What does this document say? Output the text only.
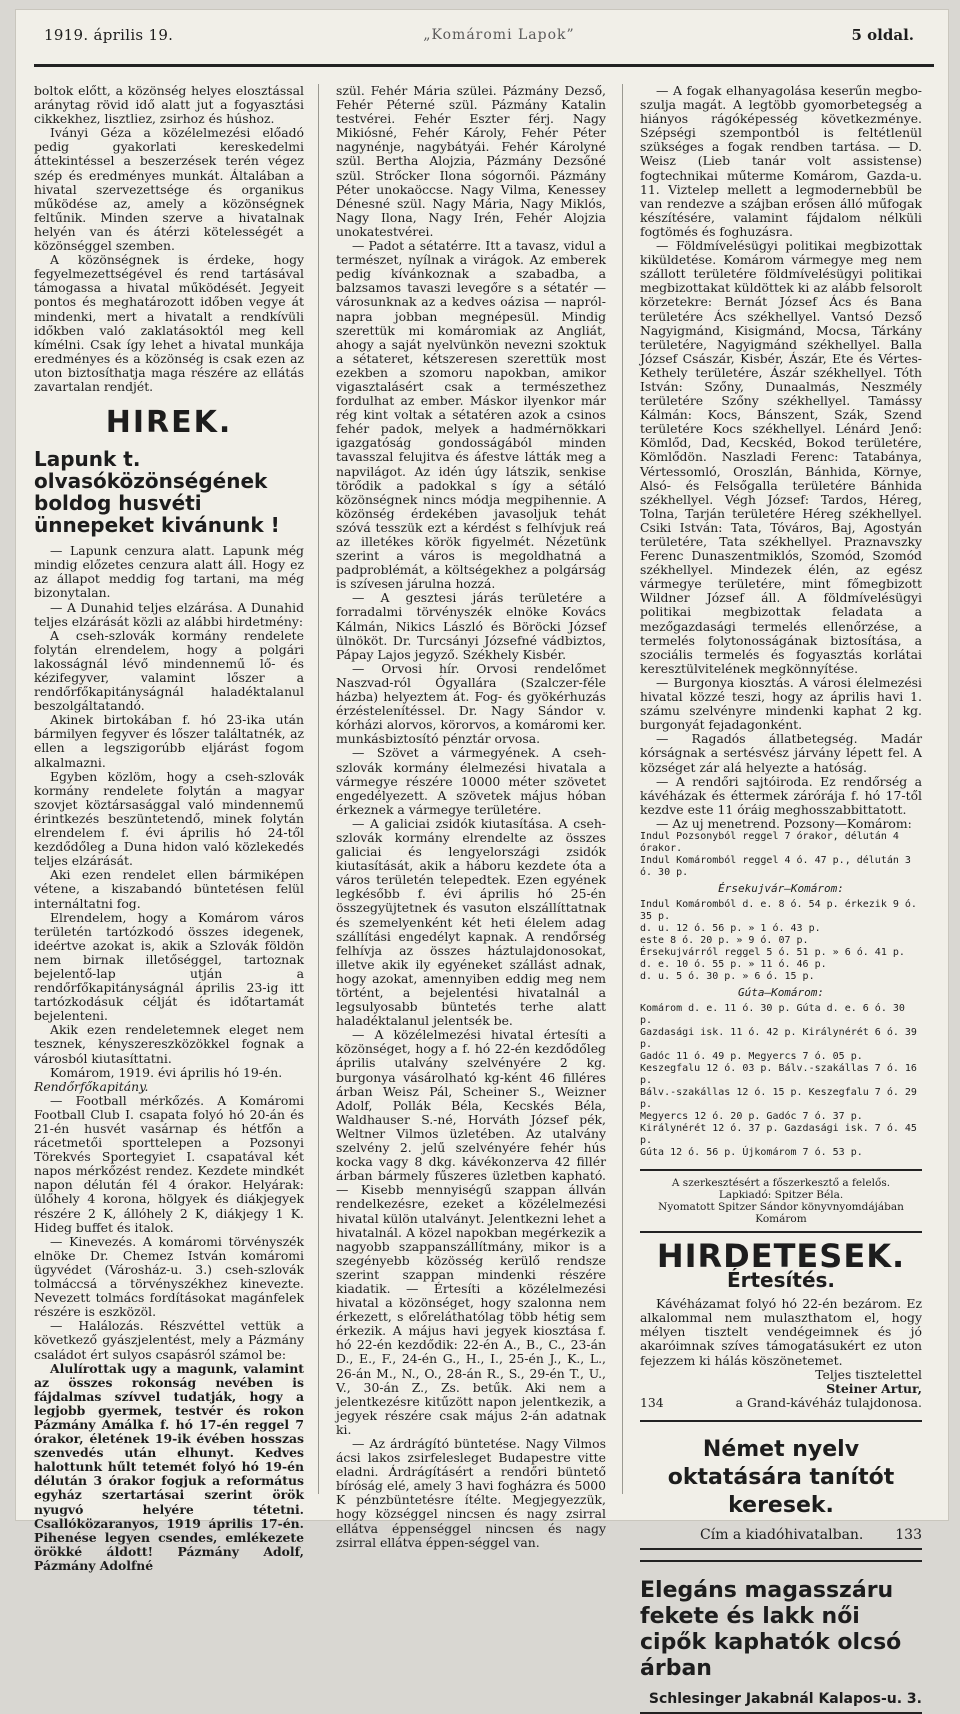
1919. április 19.	„Komáromi Lapok”	5 oldal.

boltok előtt, a közönség helyes elosztással aránytag rövid idő alatt jut a fogyasztási cikkekhez, lisztliez, zsirhoz és húshoz.

Iványi Géza a közélelmezési előadó pedig gyakorlati kereskedelmi áttekintéssel a beszerzések terén végez szép és eredményes munkát. Általában a hivatal szervezettsége és organikus működése az, amely a közönségnek feltűnik. Minden szerve a hivatalnak helyén van és átérzi kötelességét a közönséggel szemben.

A közönségnek is érdeke, hogy fegyelmezettségével és rend tartásával támogassa a hivatal működését. Jegyeit pontos és meghatározott időben vegye át mindenki, mert a hivatalt a rendkívüli időkben való zaklatásoktól meg kell kímélni. Csak így lehet a hivatal munkája eredményes és a közönség is csak ezen az uton biztosíthatja maga részére az ellátás zavartalan rendjét.

HIREK.
Lapunk t. olvasóközönségének boldog husvéti ünnepeket kivánunk !

— Lapunk cenzura alatt. Lapunk még mindig előzetes cenzura alatt áll. Hogy ez az állapot meddig fog tartani, ma még bizonytalan.

— A Dunahid teljes elzárása. A Dunahid teljes elzárását közli az alábbi hirdetmény:

A cseh-szlovák kormány rendelete folytán elrendelem, hogy a polgári lakosságnál lévő mindennemű lő- és kézifegyver, valamint lőszer a rendőrfőkapitányságnál haladéktalanul beszolgáltatandó.

Akinek birtokában f. hó 23-ika után bármilyen fegyver és lőszer találtatnék, az ellen a legszigorúbb eljárást fogom alkalmazni.

Egyben közlöm, hogy a cseh-szlovák kormány rendelete folytán a magyar szovjet köztársasággal való mindennemű érintkezés beszüntetendő, minek folytán elrendelem f. évi április hó 24-től kezdődőleg a Duna hidon való közlekedés teljes elzárását.

Aki ezen rendelet ellen bármiképen vétene, a kiszabandó büntetésen felül internáltatni fog.

Elrendelem, hogy a Komárom város területén tartózkodó összes idegenek, ideértve azokat is, akik a Szlovák földön nem birnak illetőséggel, tartoznak bejelentő-lap utján a rendőrfőkapitányságnál április 23-ig itt tartózkodásuk célját és időtartamát bejelenteni.

Akik ezen rendeletemnek eleget nem tesznek, kényszereszközökkel fognak a városból kiutasíttatni.

Komárom, 1919. évi április hó 19-én.

Rendőrfőkapitány.

— Football mérkőzés. A Komáromi Football Club I. csapata folyó hó 20-án és 21-én husvét vasárnap és hétfőn a rácetmetői sporttelepen a Pozsonyi Törekvés Sportegyiet I. csapatával két napos mérkőzést rendez. Kezdete mindkét napon délután fél 4 órakor. Helyárak: ülőhely 4 korona, hölgyek és diákjegyek részére 2 K, állóhely 2 K, diákjegy 1 K. Hideg buffet és italok.

— Kinevezés. A komáromi törvényszék elnöke Dr. Chemez István komáromi ügyvédet (Városház-u. 3.) cseh-szlovák tolmáccsá a törvényszékhez kinevezte. Nevezett tolmács fordításokat magánfelek részére is eszközöl.

— Halálozás. Részvéttel vettük a következő gyászjelentést, mely a Pázmány családot ért sulyos csapásról számol be:

Alulírottak ugy a magunk, valamint az összes rokonság nevében is fájdalmas szívvel tudatják, hogy a legjobb gyermek, testvér és rokon Pázmány Amálka f. hó 17-én reggel 7 órakor, életének 19-ik évében hosszas szenvedés után elhunyt. Kedves halottunk hűlt tetemét folyó hó 19-én délután 3 órakor fogjuk a református egyház szertartásai szerint örök nyugvó helyére tétetni. Csallóközaranyos, 1919 április 17-én. Pihenése legyen csendes, emlékezete örökké áldott! Pázmány Adolf, Pázmány Adolfné

szül. Fehér Mária szülei. Pázmány Dezső, Fehér Péterné szül. Pázmány Katalin testvérei. Fehér Eszter férj. Nagy Mikiósné, Fehér Károly, Fehér Péter nagynénje, nagybátyái. Fehér Károlyné szül. Bertha Alojzia, Pázmány Dezsőné szül. Strőcker Ilona sógornői. Pázmány Péter unokaöccse. Nagy Vilma, Kenessey Dénesné szül. Nagy Mária, Nagy Miklós, Nagy Ilona, Nagy Irén, Fehér Alojzia unokatestvérei.

— Padot a sétatérre. Itt a tavasz, vidul a természet, nyílnak a virágok. Az emberek pedig kívánkoznak a szabadba, a balzsamos tavaszi levegőre s a sétatér — városunknak az a kedves oázisa — napról-napra jobban megnépesül. Mindig szerettük mi komáromiak az Angliát, ahogy a saját nyelvünkön nevezni szoktuk a sétateret, kétszeresen szerettük most ezekben a szomoru napokban, amikor vigasztalásért csak a természethez fordulhat az ember. Máskor ilyenkor már rég kint voltak a sétatéren azok a csinos fehér padok, melyek a hadmérnökkari igazgatóság gondosságából minden tavasszal felujitva és áfestve látták meg a napvilágot. Az idén úgy látszik, senkise törődik a padokkal s így a sétáló közönségnek nincs módja megpihennie. A közönség érdekében javasoljuk tehát szóvá tesszük ezt a kérdést s felhívjuk reá az illetékes körök figyelmét. Nézetünk szerint a város is megoldhatná a padproblémát, a költségekhez a polgárság is szívesen járulna hozzá.

— A gesztesi járás területére a forradalmi törvényszék elnöke Kovács Kálmán, Nikics László és Böröcki József ülnököt. Dr. Turcsányi Józsefné vádbiztos, Pápay Lajos jegyző. Székhely Kisbér.

— Orvosi hír. Orvosi rendelőmet Naszvad-ról Ógyallára (Szalczer-féle házba) helyeztem át. Fog- és gyökérhuzás érzéstelenítéssel. Dr. Nagy Sándor v. kórházi alorvos, körorvos, a komáromi ker. munkásbiztosító pénztár orvosa.

— Szövet a vármegyének. A cseh-szlovák kormány élelmezési hivatala a vármegye részére 10000 méter szövetet engedélyezett. A szövetek május hóban érkeznek a vármegye területére.

— A galiciai zsidók kiutasítása. A cseh-szlovák kormány elrendelte az összes galiciai és lengyelországi zsidók kiutasítását, akik a háboru kezdete óta a város területén telepedtek. Ezen egyének legkésőbb f. évi április hó 25-én összegyüjtetnek és vasuton elszállíttatnak és szemelyenként két heti élelem adag szállítási engedélyt kapnak. A rendőrség felhívja az összes háztulajdonosokat, illetve akik ily egyéneket szállást adnak, hogy azokat, amennyiben eddig meg nem történt, a bejelentési hivatalnál a legsulyosabb büntetés terhe alatt haladéktalanul jelentsék be.

— A közélelmezési hivatal értesíti a közönséget, hogy a f. hó 22-én kezdődőleg április utalvány szelvényére 2 kg. burgonya vásárolható kg-ként 46 filléres árban Weisz Pál, Scheiner S., Weizner Adolf, Pollák Béla, Kecskés Béla, Waldhauser S.-né, Horváth József pék, Weltner Vilmos üzletében. Az utalvány szelvény 2. jelű szelvényére fehér hús kocka vagy 8 dkg. kávékonzerva 42 fillér árban bármely fűszeres üzletben kapható. — Kisebb mennyiségű szappan állván rendelkezésre, ezeket a közélelmezési hivatal külön utalványt. Jelentkezni lehet a hivatalnál. A közel napokban megérkezik a nagyobb szappanszállítmány, mikor is a szegényebb közösség kerülő rendsze szerint szappan mindenki részére kiadatik. — Értesíti a közélelmezési hivatal a közönséget, hogy szalonna nem érkezett, s előreláthatólag több hétig sem érkezik. A május havi jegyek kiosztása f. hó 22-én kezdődik: 22-én A., B., C., 23-án D., E., F., 24-én G., H., I., 25-én J., K., L., 26-án M., N., O., 28-án R., S., 29-én T., U., V., 30-án Z., Zs. betűk. Aki nem a jelentkezésre kitűzött napon jelentkezik, a jegyek részére csak május 2-án adatnak ki.

— Az árdrágító büntetése. Nagy Vilmos ácsi lakos zsirfelesleget Budapestre vitte eladni. Árdrágításért a rendőri büntető bíróság elé, amely 3 havi fogházra és 5000 K pénzbüntetésre ítélte. Megjegyezzük, hogy községgel nincsen és nagy zsirral ellátva éppenséggel nincsen és nagy zsirral ellátva éppen-séggel van.

— A fogak elhanyagolása keserűn megbo-szulja magát. A legtöbb gyomorbetegség a hiányos rágóképesség következménye. Szépségi szempontból is feltétlenül szükséges a fogak rendben tartása. — D. Weisz (Lieb tanár volt assistense) fogtechnikai műterme Komárom, Gazda-u. 11. Viztelep mellett a legmodernebbül be van rendezve a szájban erősen álló műfogak készítésére, valamint fájdalom nélküli fogtömés és foghuzásra.

— Földmívelésügyi politikai megbizottak kiküldetése. Komárom vármegye meg nem szállott területére földmívelésügyi politikai megbizottakat küldöttek ki az alább felsorolt körzetekre: Bernát József Ács és Bana területére Ács székhellyel. Vantsó Dezső Nagyigmánd, Kisigmánd, Mocsa, Tárkány területére, Nagyigmánd székhellyel. Balla József Császár, Kisbér, Ászár, Ete és Vértes-Kethely területére, Ászár székhellyel. Tóth István: Szőny, Dunaalmás, Neszmély területére Szőny székhellyel. Tamássy Kálmán: Kocs, Bánszent, Szák, Szend területére Kocs székhellyel. Lénárd Jenő: Kömlőd, Dad, Kecskéd, Bokod területére, Kömlődön. Naszladi Ferenc: Tatabánya, Vértessomló, Oroszlán, Bánhida, Környe, Alsó- és Felsőgalla területére Bánhida székhellyel. Végh József: Tardos, Héreg, Tolna, Tarján területére Héreg székhellyel. Csiki István: Tata, Tóváros, Baj, Agostyán területére, Tata székhellyel. Praznavszky Ferenc Dunaszentmiklós, Szomód, Szomód székhellyel. Mindezek élén, az egész vármegye területére, mint főmegbizott Wildner József áll. A földmívelésügyi politikai megbizottak feladata a mezőgazdasági termelés ellenőrzése, a termelés folytonosságának biztosítása, a szociális termelés és fogyasztás korlátai keresztülvitelének megkönnyítése.

— Burgonya kiosztás. A városi élelmezési hivatal közzé teszi, hogy az április havi 1. számu szelvényre mindenki kaphat 2 kg. burgonyát fejadagonként.

— Ragadós állatbetegség. Madár kórságnak a sertésvész járvány lépett fel. A községet zár alá helyezte a hatóság.

— A rendőri sajtóiroda. Ez rendőrség a kávéházak és éttermek zárórája f. hó 17-től kezdve este 11 óráig meghosszabbittatott.

— Az uj menetrend. Pozsony—Komárom:

Indul Pozsonyból reggel 7 órakor, délután 4 órakor.
Indul Komáromból reggel 4 ó. 47 p., délután 3 ó. 30 p.
Érsekujvár—Komárom:
Indul Komáromból d. e. 8 ó. 54 p. érkezik 9 ó. 35 p.
d. u. 12 ó. 56 p. » 1 ó. 43 p.
este 8 ó. 20 p. » 9 ó. 07 p.
Érsekujvárról reggel 5 ó. 51 p. » 6 ó. 41 p.
d. e. 10 ó. 55 p. » 11 ó. 46 p.
d. u. 5 ó. 30 p. » 6 ó. 15 p.
Gúta—Komárom:
Komárom d. e. 11 ó. 30 p. Gúta d. e. 6 ó. 30 p.
Gazdasági isk. 11 ó. 42 p. Királynérét 6 ó. 39 p.
Gadóc 11 ó. 49 p. Megyercs 7 ó. 05 p.
Keszegfalu 12 ó. 03 p. Bálv.-szakállas 7 ó. 16 p.
Bálv.-szakállas 12 ó. 15 p. Keszegfalu 7 ó. 29 p.
Megyercs 12 ó. 20 p. Gadóc 7 ó. 37 p.
Királynérét 12 ó. 37 p. Gazdasági isk. 7 ó. 45 p.
Gúta 12 ó. 56 p. Újkomárom 7 ó. 53 p.
A szerkesztésért a főszerkesztő a felelős.
Lapkiadó: Spitzer Béla.
Nyomatott Spitzer Sándor könyvnyomdájában Komárom
HIRDETESEK.
Értesítés.

Kávéházamat folyó hó 22-én bezárom. Ez alkalommal nem mulaszthatom el, hogy mélyen tisztelt vendégeimnek és jó akaróimnak szíves támogatásukért ez uton fejezzem ki hálás köszönetemet.

Teljes tisztelettel
Steiner Artur,
134	a Grand-kávéház tulajdonosa.
Német nyelv oktatására tanítót keresek.
Cím a kiadóhivatalban. 133
Elegáns magasszáru fekete és lakk női cipők kaphatók olcsó árban
Schlesinger Jakabnál Kalapos-u. 3.
